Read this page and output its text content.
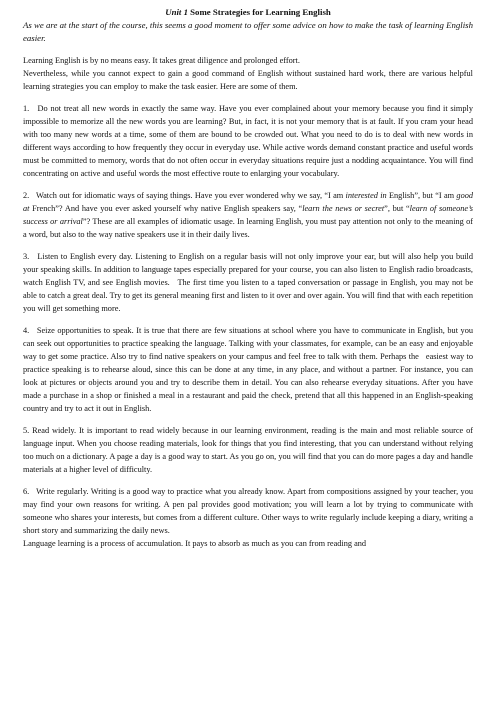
Unit 1 Some Strategies for Learning English

As we are at the start of the course, this seems a good moment to offer some advice on how to make the task of learning English easier.

Learning English is by no means easy. It takes great diligence and prolonged effort.

Nevertheless, while you cannot expect to gain a good command of English without sustained hard work, there are various helpful learning strategies you can employ to make the task easier. Here are some of them.

1.   Do not treat all new words in exactly the same way. Have you ever complained about your memory because you find it simply impossible to memorize all the new words you are learning? But, in fact, it is not your memory that is at fault. If you cram your head with too many new words at a time, some of them are bound to be crowded out. What you need to do is to deal with new words in different ways according to how frequently they occur in everyday use. While active words demand constant practice and useful words must be committed to memory, words that do not often occur in everyday situations require just a nodding acquaintance. You will find concentrating on active and useful words the most effective route to enlarging your vocabulary.

2.   Watch out for idiomatic ways of saying things. Have you ever wondered why we say, “I am interested in English”, but “I am good at French”? And have you ever asked yourself why native English speakers say, “learn the news or secret”, but “learn of someone’s success or arrival”? These are all examples of idiomatic usage. In learning English, you must pay attention not only to the meaning of a word, but also to the way native speakers use it in their daily lives.

3.   Listen to English every day. Listening to English on a regular basis will not only improve your ear, but will also help you build your speaking skills. In addition to language tapes especially prepared for your course, you can also listen to English radio broadcasts, watch English TV, and see English movies.   The first time you listen to a taped conversation or passage in English, you may not be able to catch a great deal. Try to get its general meaning first and listen to it over and over again. You will find that with each repetition you will get something more.

4.   Seize opportunities to speak. It is true that there are few situations at school where you have to communicate in English, but you can seek out opportunities to practice speaking the language. Talking with your classmates, for example, can be an easy and enjoyable way to get some practice. Also try to find native speakers on your campus and feel free to talk with them. Perhaps the   easiest way to practice speaking is to rehearse aloud, since this can be done at any time, in any place, and without a partner. For instance, you can look at pictures or objects around you and try to describe them in detail. You can also rehearse everyday situations. After you have made a purchase in a shop or finished a meal in a restaurant and paid the check, pretend that all this happened in an English-speaking country and try to act it out in English.

5. Read widely. It is important to read widely because in our learning environment, reading is the main and most reliable source of language input. When you choose reading materials, look for things that you find interesting, that you can understand without relying too much on a dictionary. A page a day is a good way to start. As you go on, you will find that you can do more pages a day and handle materials at a higher level of difficulty.

6.   Write regularly. Writing is a good way to practice what you already know. Apart from compositions assigned by your teacher, you may find your own reasons for writing. A pen pal provides good motivation; you will learn a lot by trying to communicate with someone who shares your interests, but comes from a different culture. Other ways to write regularly include keeping a diary, writing a short story and summarizing the daily news.

Language learning is a process of accumulation. It pays to absorb as much as you can from reading and
